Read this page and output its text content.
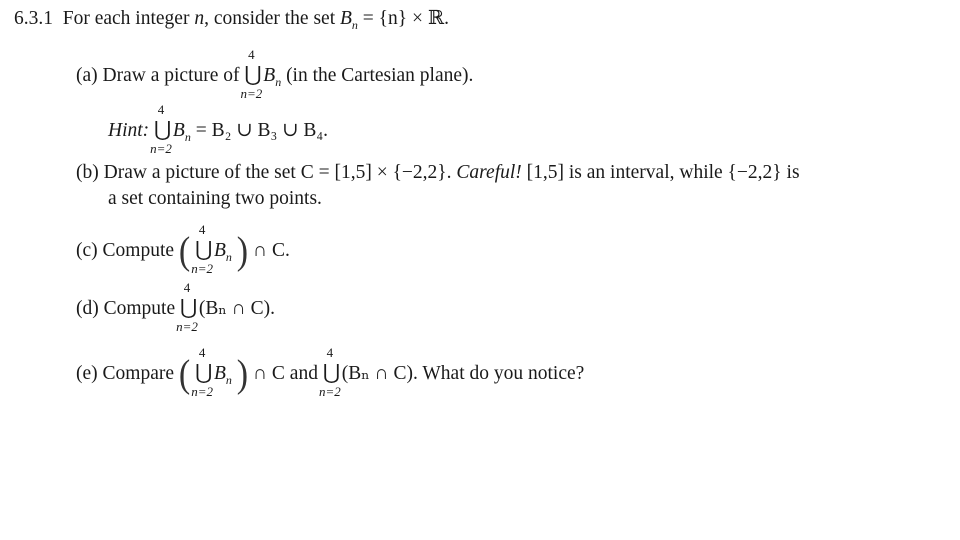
6.3.1 For each integer n, consider the set $B_n = \{n\}$ × ℝ.
(a) Draw a picture of
4
⋃
n=2
$B_n$ (in the Cartesian plane).
Hint:
4
⋃
n=2
$B_n = B_2$ ∪ B₃ ∪ B₄.
(b) Draw a picture of the set C = [1,5] × {−2,2}. Careful! [1,5] is an interval, while {−2,2} is
a set containing two points.
(c) Compute (
4
⋃
n=2
$B_n$ ) ∩ C.
(d) Compute
4
⋃
n=2
(Bₙ ∩ C).
(e) Compare (
4
⋃
n=2
$B_n$ ) ∩ C and
4
⋃
n=2
(Bₙ ∩ C). What do you notice?
